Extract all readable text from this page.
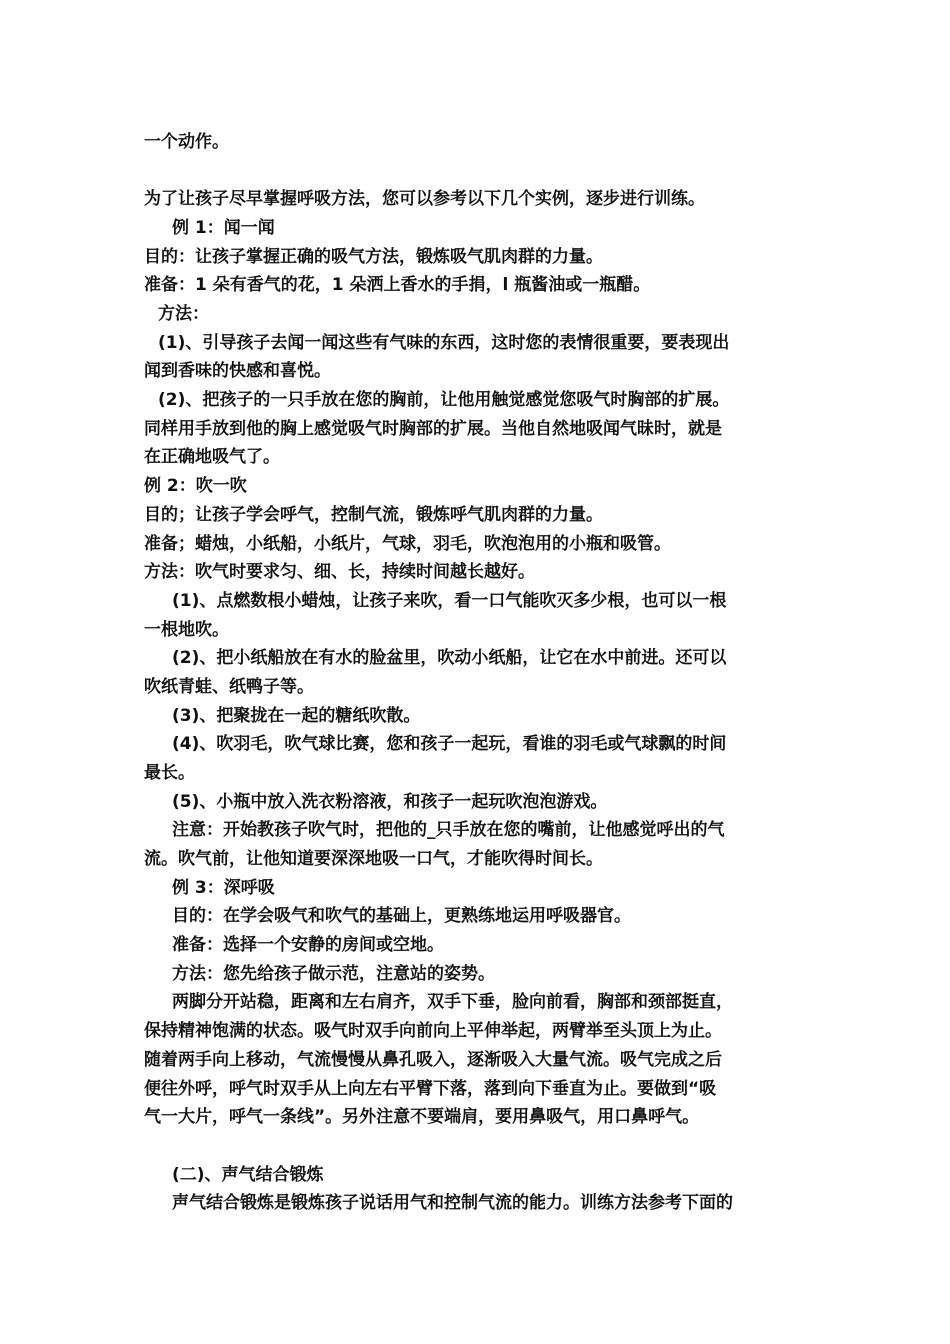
一个动作。
为了让孩子尽早掌握呼吸方法，您可以参考以下几个实例，逐步进行训练。
例 1：闻一闻
目的：让孩子掌握正确的吸气方法，锻炼吸气肌肉群的力量。
准备：1 朵有香气的花，1 朵洒上香水的手捐，l 瓶酱油或一瓶醋。
方法：
(1)、引导孩子去闻一闻这些有气味的东西，这时您的表情很重要，要表现出
闻到香味的快感和喜悦。
(2)、把孩子的一只手放在您的胸前，让他用触觉感觉您吸气时胸部的扩展。
同样用手放到他的胸上感觉吸气时胸部的扩展。当他自然地吸闻气昧时，就是
在正确地吸气了。
例 2：吹一吹
目的；让孩子学会呼气，控制气流，锻炼呼气肌肉群的力量。
准备；蜡烛，小纸船，小纸片，气球，羽毛，吹泡泡用的小瓶和吸管。
方法：吹气时要求匀、细、长，持续时间越长越好。
(1)、点燃数根小蜡烛，让孩子来吹，看一口气能吹灭多少根，也可以一根
一根地吹。
(2)、把小纸船放在有水的脸盆里，吹动小纸船，让它在水中前进。还可以
吹纸青蛙、纸鸭子等。
(3)、把聚拢在一起的糖纸吹散。
(4)、吹羽毛，吹气球比赛，您和孩子一起玩，看谁的羽毛或气球飘的时间
最长。
(5)、小瓶中放入洗衣粉溶液，和孩子一起玩吹泡泡游戏。
注意：开始教孩子吹气时，把他的_只手放在您的嘴前，让他感觉呼出的气
流。吹气前，让他知道要深深地吸一口气，才能吹得时间长。
例 3：深呼吸
目的：在学会吸气和吹气的基础上，更熟练地运用呼吸器官。
准备：选择一个安静的房间或空地。
方法：您先给孩子做示范，注意站的姿势。
两脚分开站稳，距离和左右肩齐，双手下垂，脸向前看，胸部和颈部挺直，
保持精神饱满的状态。吸气时双手向前向上平伸举起，两臂举至头顶上为止。
随着两手向上移动，气流慢慢从鼻孔吸入，逐渐吸入大量气流。吸气完成之后
便往外呼，呼气时双手从上向左右平臂下落，落到向下垂直为止。要做到“吸
气一大片，呼气一条线”。另外注意不要端肩，要用鼻吸气，用口鼻呼气。
(二)、声气结合锻炼
声气结合锻炼是锻炼孩子说话用气和控制气流的能力。训练方法参考下面的
